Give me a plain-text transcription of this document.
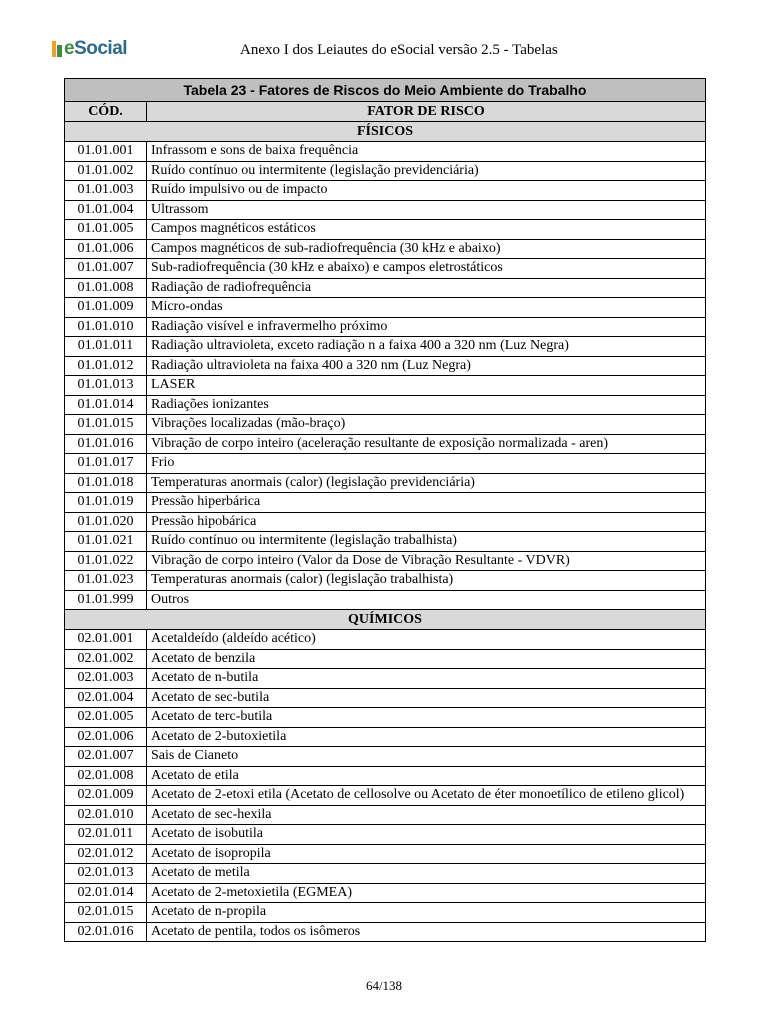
eSocial	Anexo I dos Leiautes do eSocial versão 2.5 - Tabelas
Tabela 23 - Fatores de Riscos do Meio Ambiente do Trabalho	
CÓD.	FATOR DE RISCO
FÍSICOS	
01.01.001	Infrassom e sons de baixa frequência
01.01.002	Ruído contínuo ou intermitente (legislação previdenciária)
01.01.003	Ruído impulsivo ou de impacto
01.01.004	Ultrassom
01.01.005	Campos magnéticos estáticos
01.01.006	Campos magnéticos de sub-radiofrequência (30 kHz e abaixo)
01.01.007	Sub-radiofrequência (30 kHz e abaixo) e campos eletrostáticos
01.01.008	Radiação de radiofrequência
01.01.009	Micro-ondas
01.01.010	Radiação visível e infravermelho próximo
01.01.011	Radiação ultravioleta, exceto radiação n a faixa 400 a 320 nm (Luz Negra)
01.01.012	Radiação ultravioleta na faixa 400 a 320 nm (Luz Negra)
01.01.013	LASER
01.01.014	Radiações ionizantes
01.01.015	Vibrações localizadas (mão-braço)
01.01.016	Vibração de corpo inteiro (aceleração resultante de exposição normalizada - aren)
01.01.017	Frio
01.01.018	Temperaturas anormais (calor) (legislação previdenciária)
01.01.019	Pressão hiperbárica
01.01.020	Pressão hipobárica
01.01.021	Ruído contínuo ou intermitente (legislação trabalhista)
01.01.022	Vibração de corpo inteiro (Valor da Dose de Vibração Resultante - VDVR)
01.01.023	Temperaturas anormais (calor) (legislação trabalhista)
01.01.999	Outros
QUÍMICOS	
02.01.001	Acetaldeído (aldeído acético)
02.01.002	Acetato de benzila
02.01.003	Acetato de n-butila
02.01.004	Acetato de sec-butila
02.01.005	Acetato de terc-butila
02.01.006	Acetato de 2-butoxietila
02.01.007	Sais de Cianeto
02.01.008	Acetato de etila
02.01.009	Acetato de 2-etoxi etila (Acetato de cellosolve ou Acetato de éter monoetílico de etileno glicol)
02.01.010	Acetato de sec-hexila
02.01.011	Acetato de isobutila
02.01.012	Acetato de isopropila
02.01.013	Acetato de metila
02.01.014	Acetato de 2-metoxietila (EGMEA)
02.01.015	Acetato de n-propila
02.01.016	Acetato de pentila, todos os isômeros
64/138
